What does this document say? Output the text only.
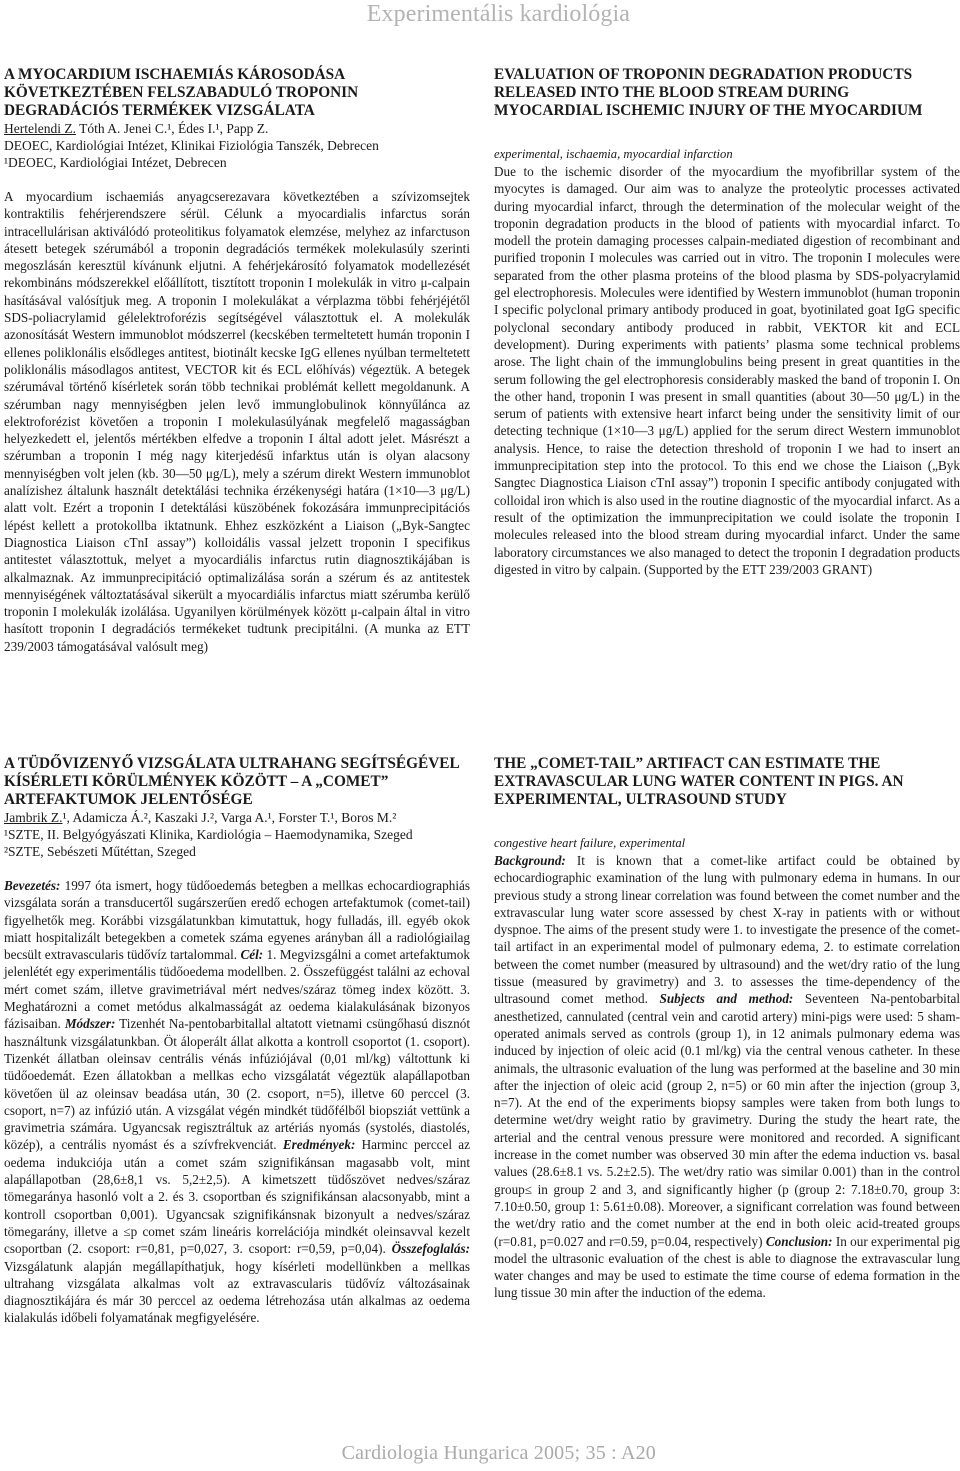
Experimentális kardiológia

A MYOCARDIUM ISCHAEMIÁS KÁROSODÁSA KÖVETKEZTÉBEN FELSZABADULÓ TROPONIN DEGRADÁCIÓS TERMÉKEK VIZSGÁLATA

Hertelendi Z. Tóth A. Jenei C.¹, Édes I.¹, Papp Z.

DEOEC, Kardiológiai Intézet, Klinikai Fiziológia Tanszék, Debrecen

¹DEOEC, Kardiológiai Intézet, Debrecen

A myocardium ischaemiás anyagcserezavara következtében a szívizomsejtek kontraktilis fehérjerendszere sérül. Célunk a myocardialis infarctus során intracellulárisan aktiválódó proteolitikus folyamatok elemzése, melyhez az infarctuson átesett betegek szérumából a troponin degradációs termékek molekulasúly szerinti megoszlásán keresztül kívánunk eljutni. A fehérjekárosító folyamatok modellezését rekombináns módszerekkel előállított, tisztított troponin I molekulák in vitro μ-calpain hasításával valósítjuk meg. A troponin I molekulákat a vérplazma többi fehérjéjétől SDS-poliacrylamid gélelektroforézis segítségével választottuk el. A molekulák azonosítását Western immunoblot módszerrel (kecskében termeltetett humán troponin I ellenes poliklonális elsődleges antitest, biotinált kecske IgG ellenes nyúlban termeltetett poliklonális másodlagos antitest, VECTOR kit és ECL előhívás) végeztük. A betegek szérumával történő kísérletek során több technikai problémát kellett megoldanunk. A szérumban nagy mennyiségben jelen levő immunglobulinok könnyűlánca az elektroforézist követően a troponin I molekulasúlyának megfelelő magasságban helyezkedett el, jelentős mértékben elfedve a troponin I által adott jelet. Másrészt a szérumban a troponin I még nagy kiterjedésű infarktus után is olyan alacsony mennyiségben volt jelen (kb. 30—50 μg/L), mely a szérum direkt Western immunoblot analízishez általunk használt detektálási technika érzékenységi határa (1×10—3 μg/L) alatt volt. Ezért a troponin I detektálási küszöbének fokozására immunprecipitációs lépést kellett a protokollba iktatnunk. Ehhez eszközként a Liaison („Byk-Sangtec Diagnostica Liaison cTnI assay”) kolloidális vassal jelzett troponin I specifikus antitestet választottuk, melyet a myocardiális infarctus rutin diagnosztikájában is alkalmaznak. Az immunprecipitáció optimalizálása során a szérum és az antitestek mennyiségének változtatásával sikerült a myocardiális infarctus miatt szérumba kerülő troponin I molekulák izolálása. Ugyanilyen körülmények között μ-calpain által in vitro hasított troponin I degradációs termékeket tudtunk precipitálni. (A munka az ETT 239/2003 támogatásával valósult meg)

EVALUATION OF TROPONIN DEGRADATION PRODUCTS RELEASED INTO THE BLOOD STREAM DURING MYOCARDIAL ISCHEMIC INJURY OF THE MYOCARDIUM

experimental, ischaemia, myocardial infarction

Due to the ischemic disorder of the myocardium the myofibrillar system of the myocytes is damaged. Our aim was to analyze the proteolytic processes activated during myocardial infarct, through the determination of the molecular weight of the troponin degradation products in the blood of patients with myocardial infarct. To modell the protein damaging processes calpain-mediated digestion of recombinant and purified troponin I molecules was carried out in vitro. The troponin I molecules were separated from the other plasma proteins of the blood plasma by SDS-polyacrylamid gel electrophoresis. Molecules were identified by Western immunoblot (human troponin I specific polyclonal primary antibody produced in goat, byotinilated goat IgG specific polyclonal secondary antibody produced in rabbit, VEKTOR kit and ECL development). During experiments with patients’ plasma some technical problems arose. The light chain of the immunglobulins being present in great quantities in the serum following the gel electrophoresis considerably masked the band of troponin I. On the other hand, troponin I was present in small quantities (about 30—50 μg/L) in the serum of patients with extensive heart infarct being under the sensitivity limit of our detecting technique (1×10—3 μg/L) applied for the serum direct Western immunoblot analysis. Hence, to raise the detection threshold of troponin I we had to insert an immunprecipitation step into the protocol. To this end we chose the Liaison („Byk Sangtec Diagnostica Liaison cTnI assay”) troponin I specific antibody conjugated with colloidal iron which is also used in the routine diagnostic of the myocardial infarct. As a result of the optimization the immunprecipitation we could isolate the troponin I molecules released into the blood stream during myocardial infarct. Under the same laboratory circumstances we also managed to detect the troponin I degradation products digested in vitro by calpain. (Supported by the ETT 239/2003 GRANT)

A TÜDŐVIZENYŐ VIZSGÁLATA ULTRAHANG SEGÍTSÉGÉVEL KÍSÉRLETI KÖRÜLMÉNYEK KÖZÖTT – A „COMET” ARTEFAKTUMOK JELENTŐSÉGE

Jambrik Z.¹, Adamicza Á.², Kaszaki J.², Varga A.¹, Forster T.¹, Boros M.²

¹SZTE, II. Belgyógyászati Klinika, Kardiológia – Haemodynamika, Szeged

²SZTE, Sebészeti Műtéttan, Szeged

Bevezetés: 1997 óta ismert, hogy tüdőoedemás betegben a mellkas echocardiographiás vizsgálata során a transducertől sugárszerűen eredő echogen artefaktumok (comet-tail) figyelhetők meg. Korábbi vizsgálatunkban kimutattuk, hogy fulladás, ill. egyéb okok miatt hospitalizált betegekben a cometek száma egyenes arányban áll a radiológiailag becsült extravascularis tüdővíz tartalommal. Cél: 1. Megvizsgálni a comet artefaktumok jelenlétét egy experimentális tüdőoedema modellben. 2. Összefüggést találni az echoval mért comet szám, illetve gravimetriával mért nedves/száraz tömeg index között. 3. Meghatározni a comet metódus alkalmasságát az oedema kialakulásának bizonyos fázisaiban. Módszer: Tizenhét Na-pentobarbitallal altatott vietnami csüngőhasú disznót használtunk vizsgálatunkban. Öt áloperált állat alkotta a kontroll csoportot (1. csoport). Tizenkét állatban oleinsav centrális vénás infúziójával (0,01 ml/kg) váltottunk ki tüdőoedemát. Ezen állatokban a mellkas echo vizsgálatát végeztük alapállapotban követően ül az oleinsav beadása után, 30 (2. csoport, n=5), illetve 60 perccel (3. csoport, n=7) az infúzió után. A vizsgálat végén mindkét tüdőfélből biopsziát vettünk a gravimetria számára. Ugyancsak regisztráltuk az artériás nyomás (systolés, diastolés, közép), a centrális nyomást és a szívfrekvenciát. Eredmények: Harminc perccel az oedema indukciója után a comet szám szignifikánsan magasabb volt, mint alapállapotban (28,6±8,1 vs. 5,2±2,5). A kimetszett tüdőszövet nedves/száraz tömegaránya hasonló volt a 2. és 3. csoportban és szignifikánsan alacsonyabb, mint a kontroll csoportban 0,001). Ugyancsak szignifikánsnak bizonyult a nedves/száraz tömegarány, illetve a ≤p comet szám lineáris korrelációja mindkét oleinsavval kezelt csoportban (2. csoport: r=0,81, p=0,027, 3. csoport: r=0,59, p=0,04). Összefoglalás: Vizsgálatunk alapján megállapíthatjuk, hogy kísérleti modellünkben a mellkas ultrahang vizsgálata alkalmas volt az extravascularis tüdővíz változásainak diagnosztikájára és már 30 perccel az oedema létrehozása után alkalmas az oedema kialakulás időbeli folyamatának megfigyelésére.

THE „COMET-TAIL” ARTIFACT CAN ESTIMATE THE EXTRAVASCULAR LUNG WATER CONTENT IN PIGS. AN EXPERIMENTAL, ULTRASOUND STUDY

congestive heart failure, experimental

Background: It is known that a comet-like artifact could be obtained by echocardiographic examination of the lung with pulmonary edema in humans. In our previous study a strong linear correlation was found between the comet number and the extravascular lung water score assessed by chest X-ray in patients with or without dyspnoe. The aims of the present study were 1. to investigate the presence of the comet-tail artifact in an experimental model of pulmonary edema, 2. to estimate correlation between the comet number (measured by ultrasound) and the wet/dry ratio of the lung tissue (measured by gravimetry) and 3. to assesses the time-dependency of the ultrasound comet method. Subjects and method: Seventeen Na-pentobarbital anesthetized, cannulated (central vein and carotid artery) mini-pigs were used: 5 sham-operated animals served as controls (group 1), in 12 animals pulmonary edema was induced by injection of oleic acid (0.1 ml/kg) via the central venous catheter. In these animals, the ultrasonic evaluation of the lung was performed at the baseline and 30 min after the injection of oleic acid (group 2, n=5) or 60 min after the injection (group 3, n=7). At the end of the experiments biopsy samples were taken from both lungs to determine wet/dry weight ratio by gravimetry. During the study the heart rate, the arterial and the central venous pressure were monitored and recorded. A significant increase in the comet number was observed 30 min after the edema induction vs. basal values (28.6±8.1 vs. 5.2±2.5). The wet/dry ratio was similar 0.001) than in the control group≤ in group 2 and 3, and significantly higher (p (group 2: 7.18±0.70, group 3: 7.10±0.50, group 1: 5.61±0.08). Moreover, a significant correlation was found between the wet/dry ratio and the comet number at the end in both oleic acid-treated groups (r=0.81, p=0.027 and r=0.59, p=0.04, respectively) Conclusion: In our experimental pig model the ultrasonic evaluation of the chest is able to diagnose the extravascular lung water changes and may be used to estimate the time course of edema formation in the lung tissue 30 min after the induction of the edema.

Cardiologia Hungarica 2005; 35 : A20
